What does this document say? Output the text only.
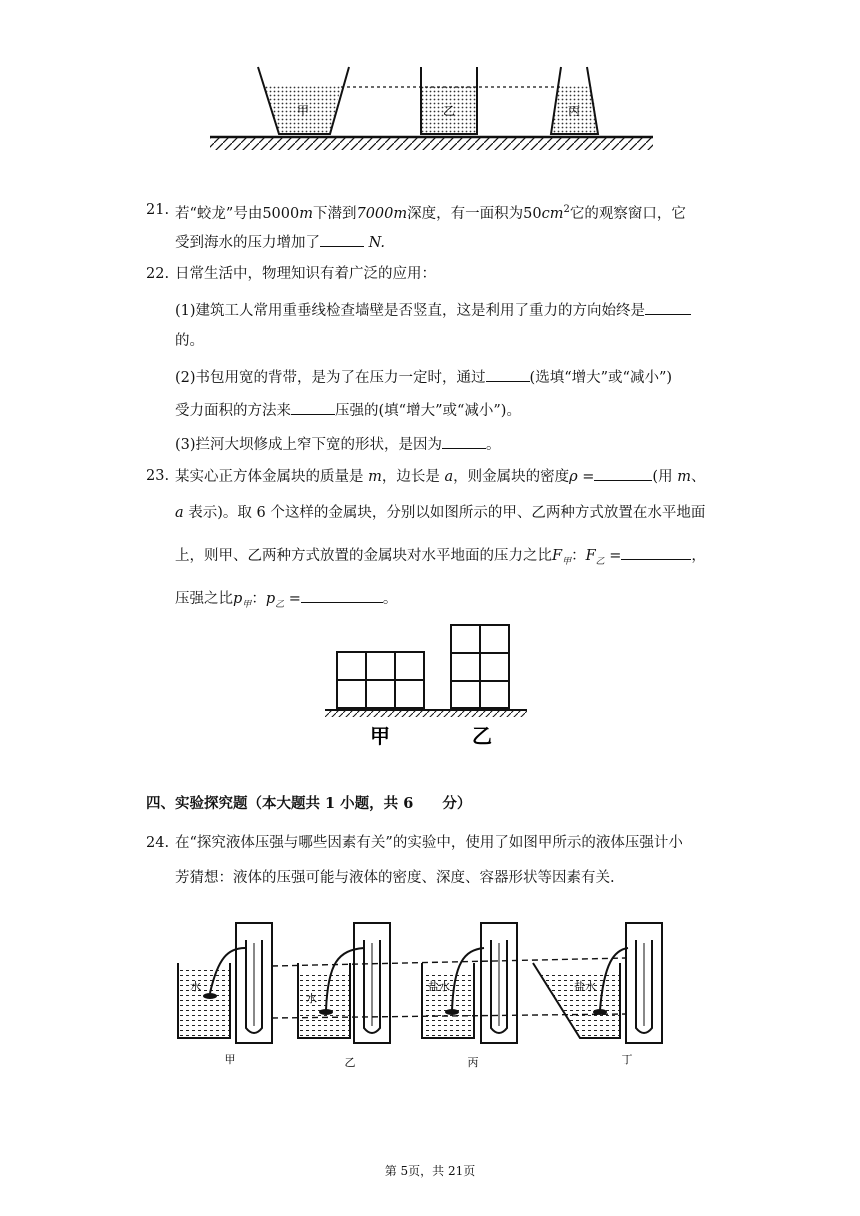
甲	乙	丙
21. 若“蛟龙”号由5000m下潜到7000m深度，有一面积为$50cm^2$它的观察窗口，它
受到海水的压力增加了	N.
22. 日常生活中，物理知识有着广泛的应用：
(1)建筑工人常用重垂线检查墙壁是否竖直，这是利用了重力的方向始终是
的。
(2)书包用宽的背带，是为了在压力一定时，通过	(选填“增大”或“减小”)
受力面积的方法来	压强的(填“增大”或“减小”)。
(3)拦河大坝修成上窄下宽的形状，是因为	。
23. 某实心正方体金属块的质量是 m，边长是 a，则金属块的密度ρ =	(用 m、
a 表示)。取 6 个这样的金属块，分别以如图所示的甲、乙两种方式放置在水平地面
上，则甲、乙两种方式放置的金属块对水平地面的压力之比$F_甲$：$F_乙$ =	，
压强之比$p_甲$：$p_乙$ =	。
甲	乙
四、实验探究题（本大题共 1 小题，共 6　　分）
24. 在“探究液体压强与哪些因素有关”的实验中，使用了如图甲所示的液体压强计小
芳猜想：液体的压强可能与液体的密度、深度、容器形状等因素有关.
水
水
盐水	盐水
甲	乙	丙	丁
第 5页，共 21页
